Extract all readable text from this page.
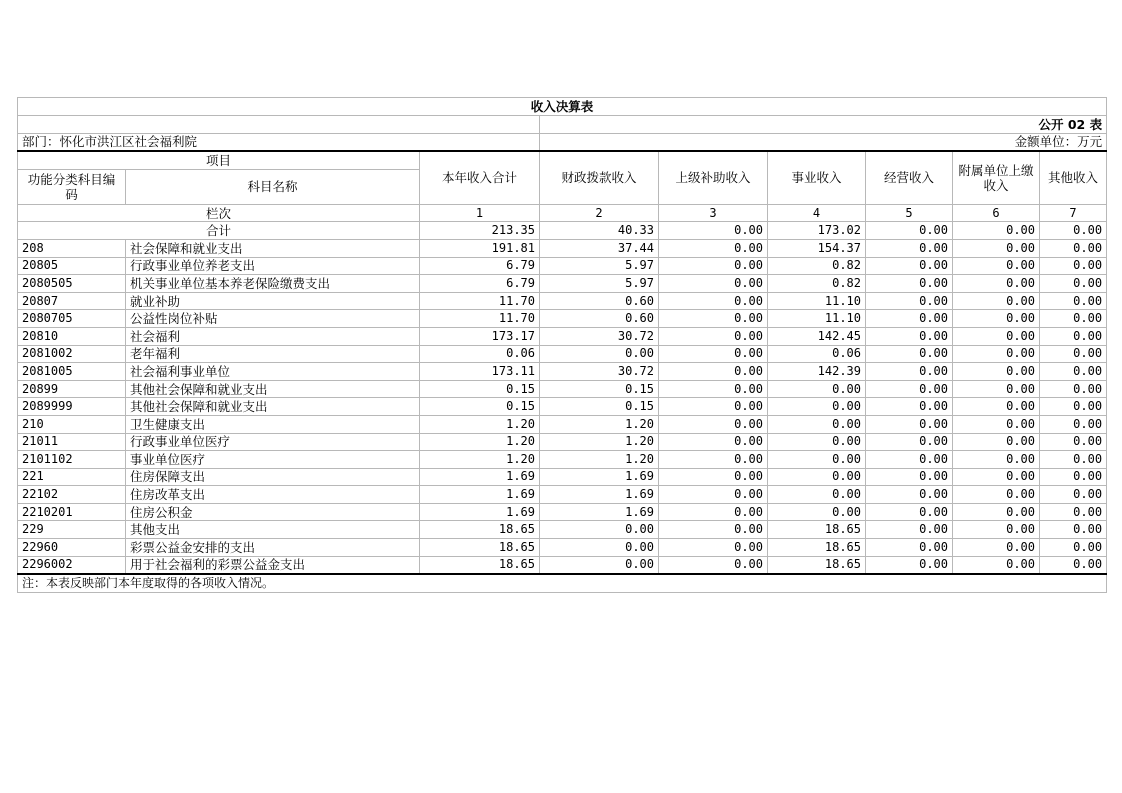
收入决算表								
			公开 02 表					
部门：怀化市洪江区社会福利院			金额单位：万元					
项目		本年收入合计	财政拨款收入	上级补助收入	事业收入	经营收入	附属单位上缴收入	其他收入
功能分类科目编码	科目名称							
栏次		1	2	3	4	5	6	7
合计		213.35	40.33	0.00	173.02	0.00	0.00	0.00
208	社会保障和就业支出	191.81	37.44	0.00	154.37	0.00	0.00	0.00
20805	行政事业单位养老支出	6.79	5.97	0.00	0.82	0.00	0.00	0.00
2080505	机关事业单位基本养老保险缴费支出	6.79	5.97	0.00	0.82	0.00	0.00	0.00
20807	就业补助	11.70	0.60	0.00	11.10	0.00	0.00	0.00
2080705	公益性岗位补贴	11.70	0.60	0.00	11.10	0.00	0.00	0.00
20810	社会福利	173.17	30.72	0.00	142.45	0.00	0.00	0.00
2081002	老年福利	0.06	0.00	0.00	0.06	0.00	0.00	0.00
2081005	社会福利事业单位	173.11	30.72	0.00	142.39	0.00	0.00	0.00
20899	其他社会保障和就业支出	0.15	0.15	0.00	0.00	0.00	0.00	0.00
2089999	其他社会保障和就业支出	0.15	0.15	0.00	0.00	0.00	0.00	0.00
210	卫生健康支出	1.20	1.20	0.00	0.00	0.00	0.00	0.00
21011	行政事业单位医疗	1.20	1.20	0.00	0.00	0.00	0.00	0.00
2101102	事业单位医疗	1.20	1.20	0.00	0.00	0.00	0.00	0.00
221	住房保障支出	1.69	1.69	0.00	0.00	0.00	0.00	0.00
22102	住房改革支出	1.69	1.69	0.00	0.00	0.00	0.00	0.00
2210201	住房公积金	1.69	1.69	0.00	0.00	0.00	0.00	0.00
229	其他支出	18.65	0.00	0.00	18.65	0.00	0.00	0.00
22960	彩票公益金安排的支出	18.65	0.00	0.00	18.65	0.00	0.00	0.00
2296002	用于社会福利的彩票公益金支出	18.65	0.00	0.00	18.65	0.00	0.00	0.00
注：本表反映部门本年度取得的各项收入情况。								
